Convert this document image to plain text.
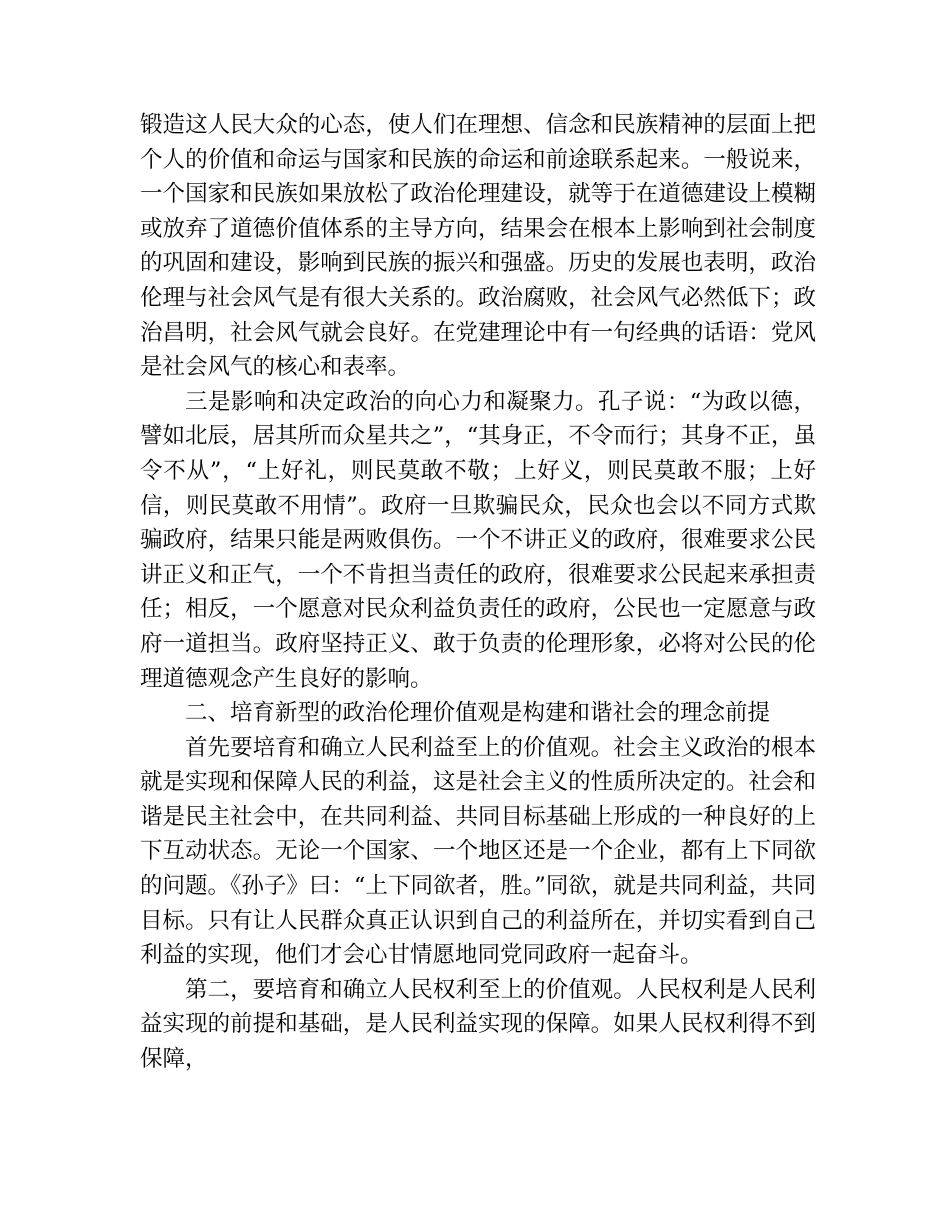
锻造这人民大众的心态，使人们在理想、信念和民族精神的层面上把个人的价值和命运与国家和民族的命运和前途联系起来。一般说来，一个国家和民族如果放松了政治伦理建设，就等于在道德建设上模糊或放弃了道德价值体系的主导方向，结果会在根本上影响到社会制度的巩固和建设，影响到民族的振兴和强盛。历史的发展也表明，政治伦理与社会风气是有很大关系的。政治腐败，社会风气必然低下；政治昌明，社会风气就会良好。在党建理论中有一句经典的话语：党风是社会风气的核心和表率。

三是影响和决定政治的向心力和凝聚力。孔子说：“为政以德，譬如北辰，居其所而众星共之”，“其身正，不令而行；其身不正，虽令不从”，“上好礼，则民莫敢不敬；上好义，则民莫敢不服；上好信，则民莫敢不用情”。政府一旦欺骗民众，民众也会以不同方式欺骗政府，结果只能是两败俱伤。一个不讲正义的政府，很难要求公民讲正义和正气，一个不肯担当责任的政府，很难要求公民起来承担责任；相反，一个愿意对民众利益负责任的政府，公民也一定愿意与政府一道担当。政府坚持正义、敢于负责的伦理形象，必将对公民的伦理道德观念产生良好的影响。

二、培育新型的政治伦理价值观是构建和谐社会的理念前提

首先要培育和确立人民利益至上的价值观。社会主义政治的根本就是实现和保障人民的利益，这是社会主义的性质所决定的。社会和谐是民主社会中，在共同利益、共同目标基础上形成的一种良好的上下互动状态。无论一个国家、一个地区还是一个企业，都有上下同欲的问题。《孙子》曰：“上下同欲者，胜。”同欲，就是共同利益，共同目标。只有让人民群众真正认识到自己的利益所在，并切实看到自己利益的实现，他们才会心甘情愿地同党同政府一起奋斗。

第二，要培育和确立人民权利至上的价值观。人民权利是人民利益实现的前提和基础，是人民利益实现的保障。如果人民权利得不到保障，
